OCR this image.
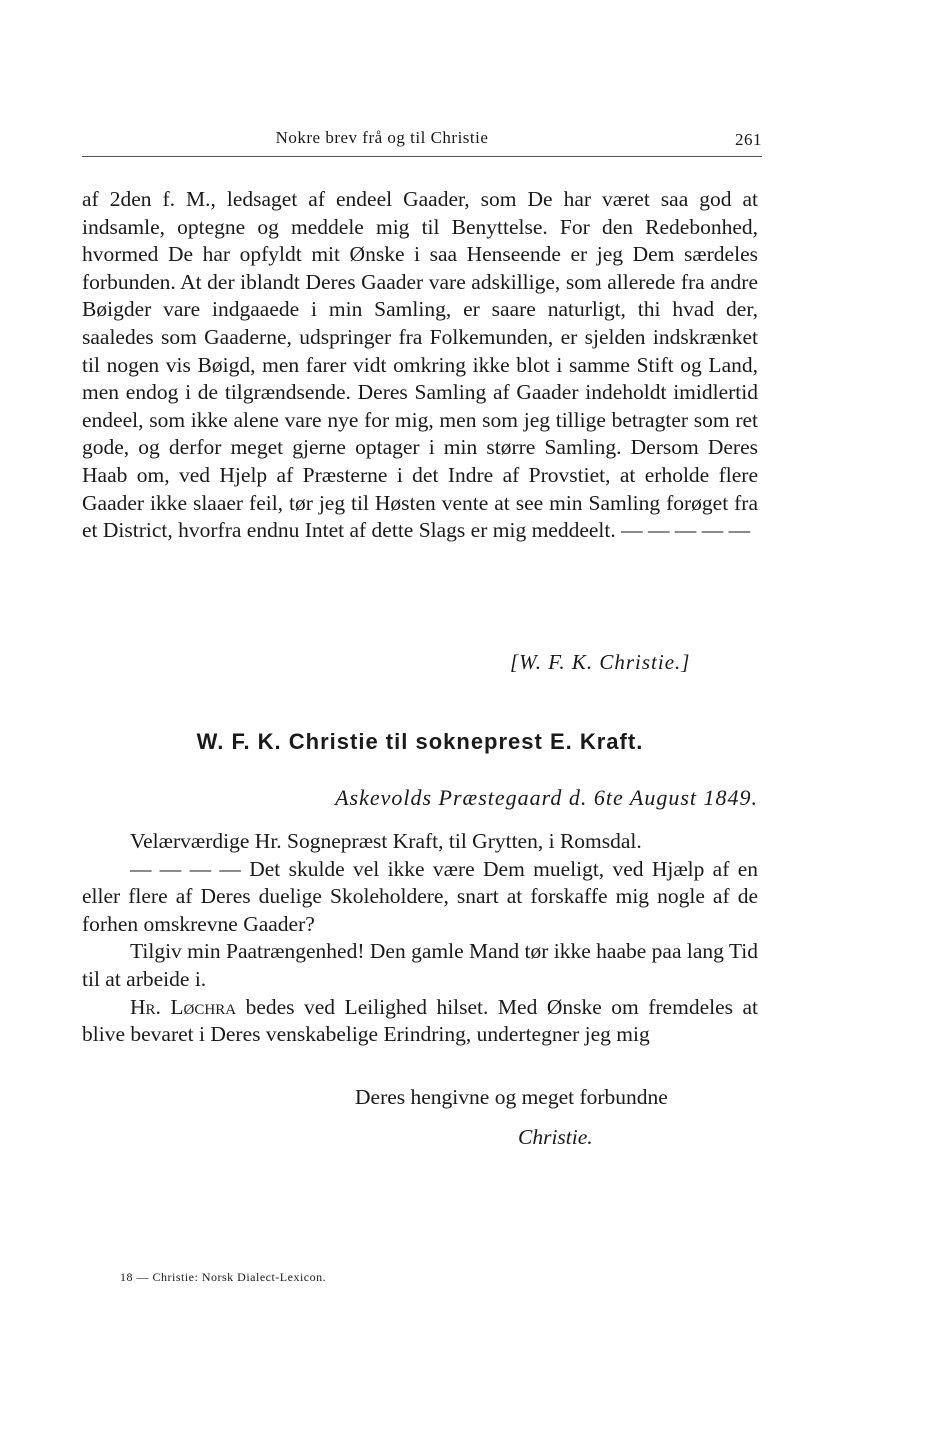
Nokre brev frå og til Christie	261

af 2den f. M., ledsaget af endeel Gaader, som De har været saa god at indsamle, optegne og meddele mig til Benyttelse. For den Redebonhed, hvormed De har opfyldt mit Ønske i saa Henseende er jeg Dem særdeles forbunden. At der iblandt Deres Gaader vare adskillige, som allerede fra andre Bøigder vare indgaaede i min Samling, er saare naturligt, thi hvad der, saaledes som Gaaderne, udspringer fra Folkemunden, er sjelden indskrænket til nogen vis Bøigd, men farer vidt omkring ikke blot i samme Stift og Land, men endog i de tilgrændsende. Deres Samling af Gaader indeholdt imidlertid endeel, som ikke alene vare nye for mig, men som jeg tillige betragter som ret gode, og derfor meget gjerne optager i min større Samling. Dersom Deres Haab om, ved Hjelp af Præsterne i det Indre af Provstiet, at erholde flere Gaader ikke slaaer feil, tør jeg til Høsten vente at see min Samling forøget fra et District, hvorfra endnu Intet af dette Slags er mig meddeelt. — — — — —

[W. F. K. Christie.]
W. F. K. Christie til sokneprest E. Kraft.
Askevolds Præstegaard d. 6te August 1849.

Velærværdige Hr. Sognepræst Kraft, til Grytten, i Romsdal.

— — — — Det skulde vel ikke være Dem mueligt, ved Hjælp af en eller flere af Deres duelige Skoleholdere, snart at forskaffe mig nogle af de forhen omskrevne Gaader?

Tilgiv min Paatrængenhed! Den gamle Mand tør ikke haabe paa lang Tid til at arbeide i.

Hr. Løchra bedes ved Leilighed hilset. Med Ønske om fremdeles at blive bevaret i Deres venskabelige Erindring, undertegner jeg mig

Deres hengivne og meget forbundne
Christie.
18 — Christie: Norsk Dialect-Lexicon.
